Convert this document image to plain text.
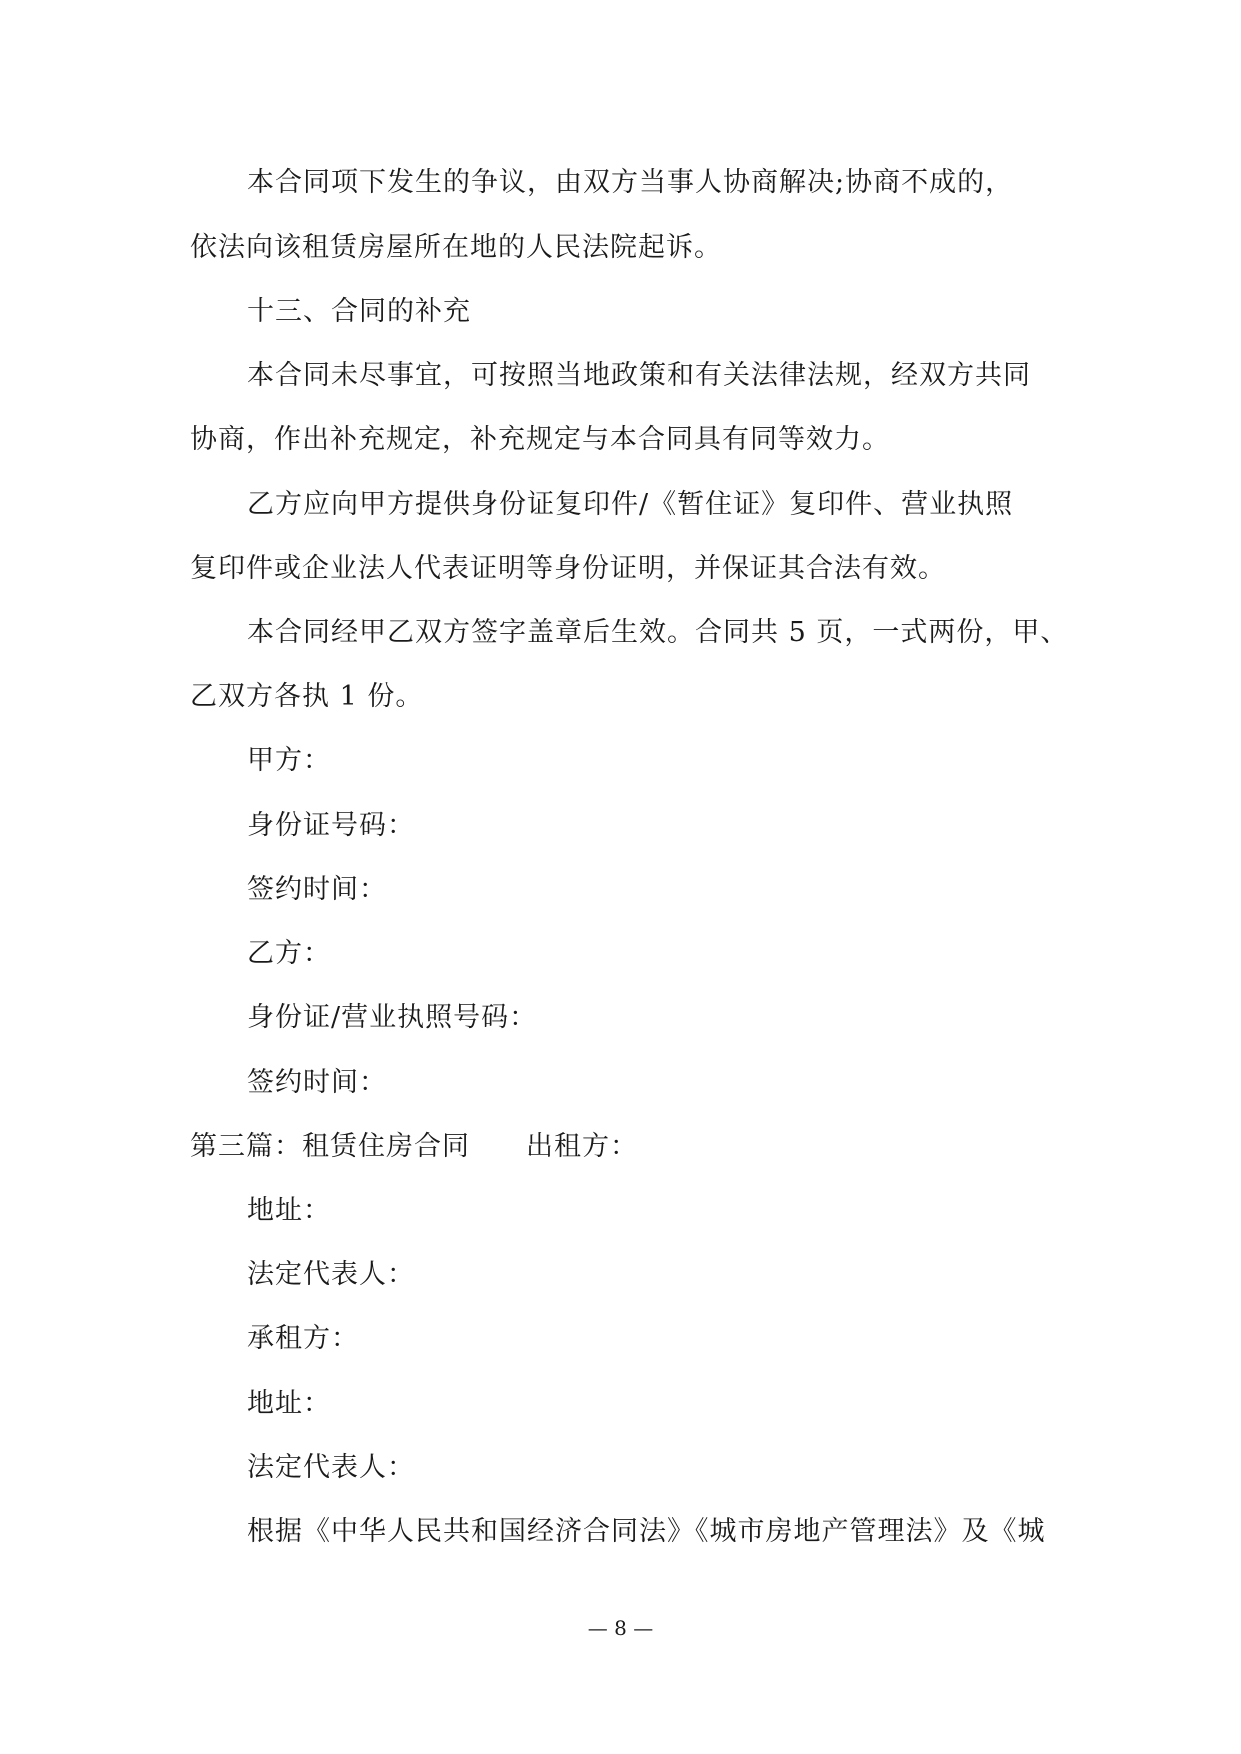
本合同项下发生的争议，由双方当事人协商解决;协商不成的，
依法向该租赁房屋所在地的人民法院起诉。
十三、合同的补充
本合同未尽事宜，可按照当地政策和有关法律法规，经双方共同
协商，作出补充规定，补充规定与本合同具有同等效力。
乙方应向甲方提供身份证复印件/《暂住证》复印件、营业执照
复印件或企业法人代表证明等身份证明，并保证其合法有效。
本合同经甲乙双方签字盖章后生效。合同共 5 页，一式两份，甲、
乙双方各执 1 份。
甲方：
身份证号码：
签约时间：
乙方：
身份证/营业执照号码：
签约时间：
第三篇：租赁住房合同　　出租方：
地址：
法定代表人：
承租方：
地址：
法定代表人：
根据《中华人民共和国经济合同法》《城市房地产管理法》及《城
— 8 —
